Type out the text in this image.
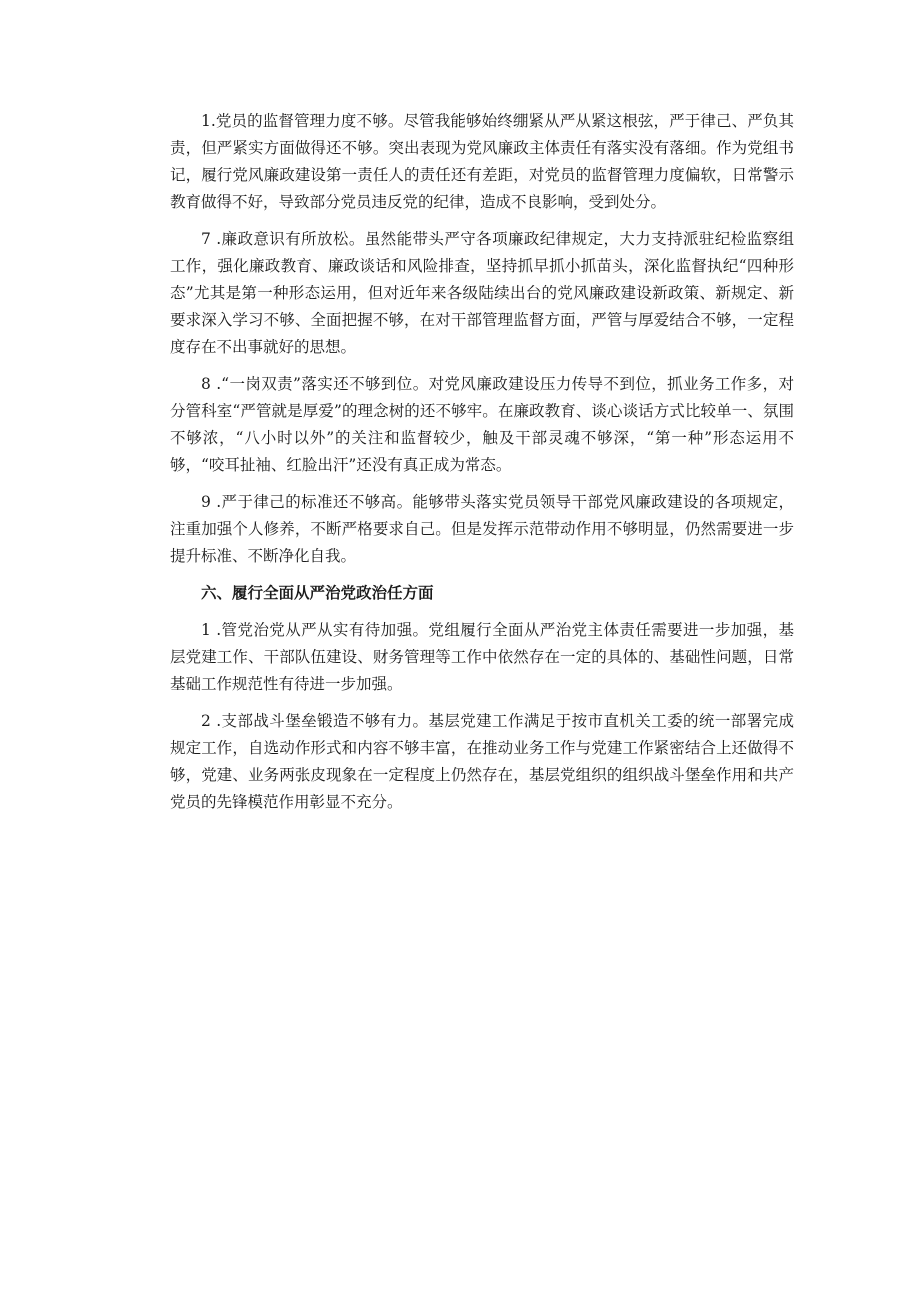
1.党员的监督管理力度不够。尽管我能够始终绷紧从严从紧这根弦，严于律己、严负其责，但严紧实方面做得还不够。突出表现为党风廉政主体责任有落实没有落细。作为党组书记，履行党风廉政建设第一责任人的责任还有差距，对党员的监督管理力度偏软，日常警示教育做得不好，导致部分党员违反党的纪律，造成不良影响，受到处分。

7 .廉政意识有所放松。虽然能带头严守各项廉政纪律规定，大力支持派驻纪检监察组工作，强化廉政教育、廉政谈话和风险排查，坚持抓早抓小抓苗头，深化监督执纪“四种形态”尤其是第一种形态运用，但对近年来各级陆续出台的党风廉政建设新政策、新规定、新要求深入学习不够、全面把握不够，在对干部管理监督方面，严管与厚爱结合不够，一定程度存在不出事就好的思想。

8 .“一岗双责”落实还不够到位。对党风廉政建设压力传导不到位，抓业务工作多，对分管科室“严管就是厚爱”的理念树的还不够牢。在廉政教育、谈心谈话方式比较单一、氛围不够浓，“八小时以外”的关注和监督较少，触及干部灵魂不够深，“第一种”形态运用不够，“咬耳扯袖、红脸出汗”还没有真正成为常态。

9 .严于律己的标准还不够高。能够带头落实党员领导干部党风廉政建设的各项规定，注重加强个人修养，不断严格要求自己。但是发挥示范带动作用不够明显，仍然需要进一步提升标准、不断净化自我。

六、履行全面从严治党政治任方面

1 .管党治党从严从实有待加强。党组履行全面从严治党主体责任需要进一步加强，基层党建工作、干部队伍建设、财务管理等工作中依然存在一定的具体的、基础性问题，日常基础工作规范性有待进一步加强。

2 .支部战斗堡垒锻造不够有力。基层党建工作满足于按市直机关工委的统一部署完成规定工作，自选动作形式和内容不够丰富，在推动业务工作与党建工作紧密结合上还做得不够，党建、业务两张皮现象在一定程度上仍然存在，基层党组织的组织战斗堡垒作用和共产党员的先锋模范作用彰显不充分。
